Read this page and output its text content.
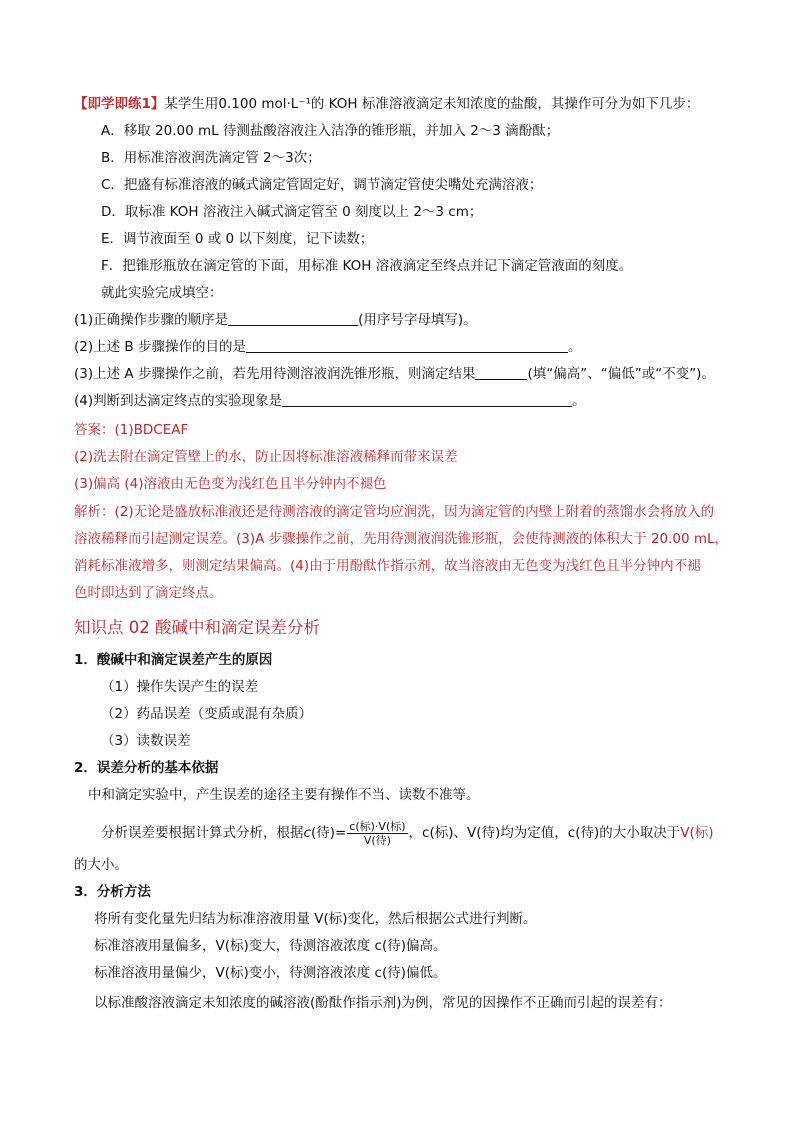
【即学即练1】某学生用0.100 mol·L⁻¹的 KOH 标准溶液滴定未知浓度的盐酸，其操作可分为如下几步：
A．移取 20.00 mL 待测盐酸溶液注入洁净的锥形瓶，并加入 2～3 滴酚酞；
B．用标准溶液润洗滴定管 2～3次；
C．把盛有标准溶液的碱式滴定管固定好，调节滴定管使尖嘴处充满溶液；
D．取标准 KOH 溶液注入碱式滴定管至 0 刻度以上 2～3 cm；
E．调节液面至 0 或 0 以下刻度，记下读数；
F．把锥形瓶放在滴定管的下面，用标准 KOH 溶液滴定至终点并记下滴定管液面的刻度。
就此实验完成填空：
(1)正确操作步骤的顺序是	(用序号字母填写)。
(2)上述 B 步骤操作的目的是	。
(3)上述 A 步骤操作之前，若先用待测溶液润洗锥形瓶，则滴定结果	(填“偏高”、“偏低”或“不变”)。
(4)判断到达滴定终点的实验现象是	。
答案：(1)BDCEAF
(2)洗去附在滴定管壁上的水，防止因将标准溶液稀释而带来误差
(3)偏高 (4)溶液由无色变为浅红色且半分钟内不褪色
解析：(2)无论是盛放标准液还是待测溶液的滴定管均应润洗，因为滴定管的内壁上附着的蒸馏水会将放入的
溶液稀释而引起测定误差。(3)A 步骤操作之前，先用待测液润洗锥形瓶，会使待测液的体积大于 20.00 mL，
消耗标准液增多，则测定结果偏高。(4)由于用酚酞作指示剂，故当溶液由无色变为浅红色且半分钟内不褪
色时即达到了滴定终点。
知识点 02 酸碱中和滴定误差分析
1．酸碱中和滴定误差产生的原因
（1）操作失误产生的误差
（2）药品误差（变质或混有杂质）
（3）读数误差
2．误差分析的基本依据
中和滴定实验中，产生误差的途径主要有操作不当、读数不准等。
分析误差要根据计算式分析，根据c(待)= $\frac{\text{c(标)·V(标)}}{\text{V(待)}}$ ，c(标)、V(待)均为定值，c(待)的大小取决于V(标)
的大小。
3．分析方法
将所有变化量先归结为标准溶液用量 V(标)变化，然后根据公式进行判断。
标准溶液用量偏多，V(标)变大，待测溶液浓度 c(待)偏高。
标准溶液用量偏少，V(标)变小，待测溶液浓度 c(待)偏低。
以标准酸溶液滴定未知浓度的碱溶液(酚酞作指示剂)为例，常见的因操作不正确而引起的误差有：
